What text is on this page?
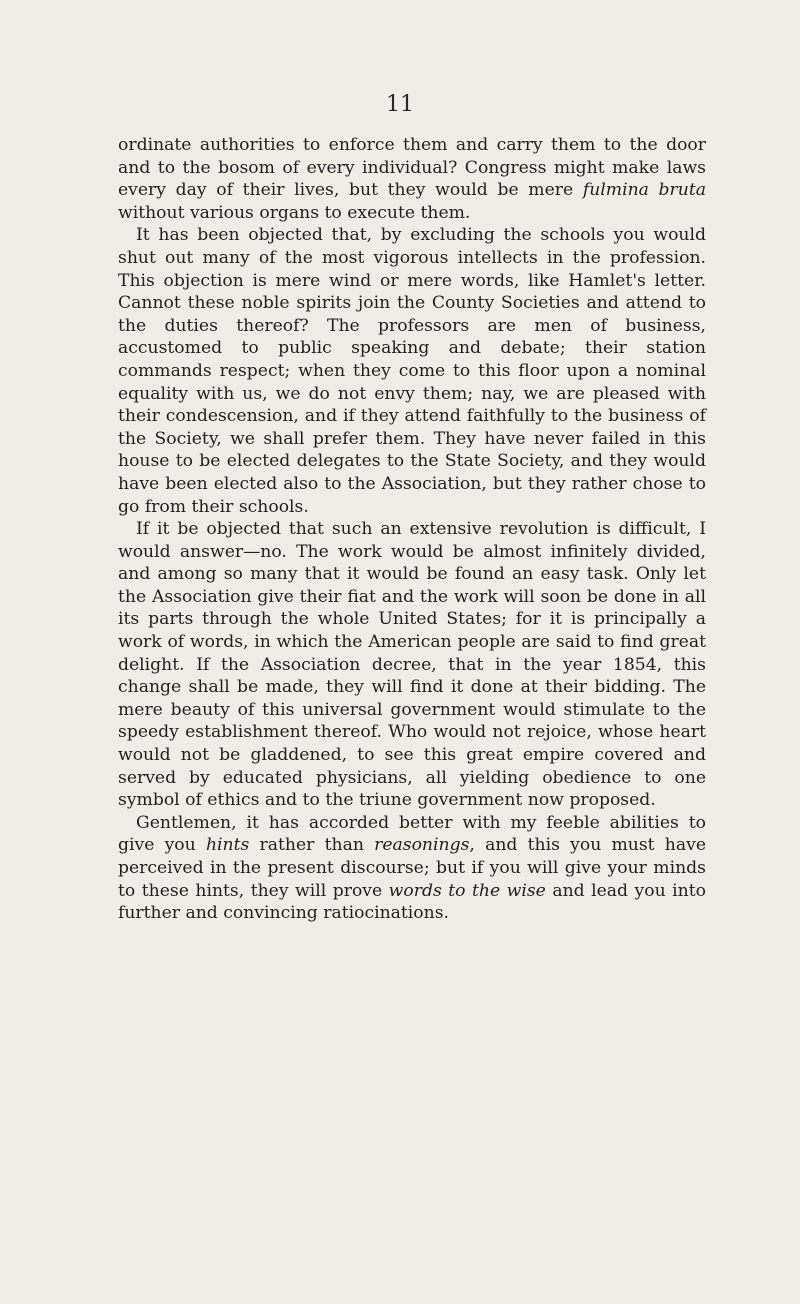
11

ordinate authorities to enforce them and carry them to the door and to the bosom of every individual? Congress might make laws every day of their lives, but they would be mere fulmina bruta without various organs to execute them.

It has been objected that, by excluding the schools you would shut out many of the most vigorous intellects in the profession. This objection is mere wind or mere words, like Hamlet's letter. Cannot these noble spirits join the County Societies and attend to the duties thereof? The professors are men of business, accustomed to public speaking and debate; their station commands respect; when they come to this floor upon a nominal equality with us, we do not envy them; nay, we are pleased with their condescension, and if they attend faithfully to the business of the Society, we shall prefer them. They have never failed in this house to be elected delegates to the State Society, and they would have been elected also to the Association, but they rather chose to go from their schools.

If it be objected that such an extensive revolution is difficult, I would answer—no. The work would be almost infinitely divided, and among so many that it would be found an easy task. Only let the Association give their fiat and the work will soon be done in all its parts through the whole United States; for it is principally a work of words, in which the American people are said to find great delight. If the Association decree, that in the year 1854, this change shall be made, they will find it done at their bidding. The mere beauty of this universal government would stimulate to the speedy establishment thereof. Who would not rejoice, whose heart would not be gladdened, to see this great empire covered and served by educated physicians, all yielding obedience to one symbol of ethics and to the triune government now proposed.

Gentlemen, it has accorded better with my feeble abilities to give you hints rather than reasonings, and this you must have perceived in the present discourse; but if you will give your minds to these hints, they will prove words to the wise and lead you into further and convincing ratiocinations.
